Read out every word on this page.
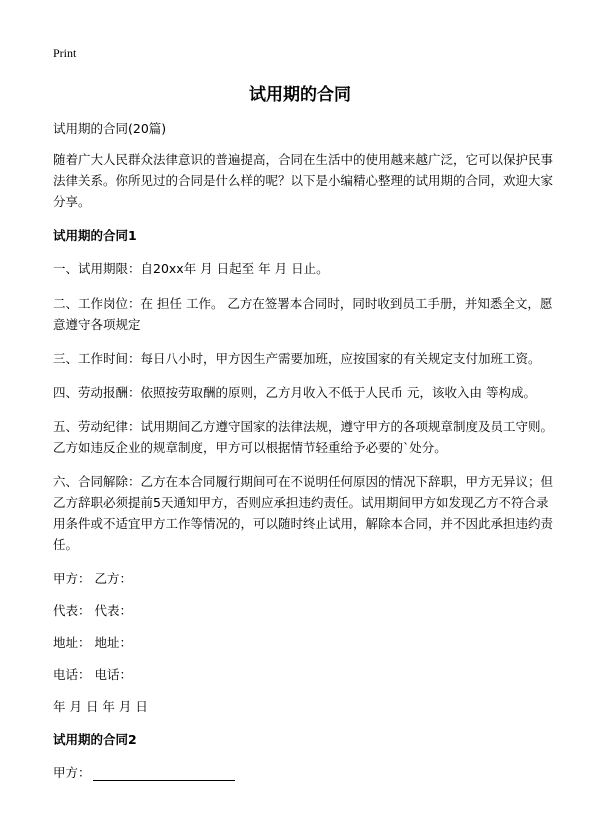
Print
试用期的合同

试用期的合同(20篇)

随着广大人民群众法律意识的普遍提高，合同在生活中的使用越来越广泛，它可以保护民事法律关系。你所见过的合同是什么样的呢？以下是小编精心整理的试用期的合同，欢迎大家分享。

试用期的合同1

一、试用期限：自20xx年 月 日起至 年 月 日止。

二、工作岗位：在 担任 工作。 乙方在签署本合同时，同时收到员工手册，并知悉全文，愿意遵守各项规定

三、工作时间：每日八小时，甲方因生产需要加班，应按国家的有关规定支付加班工资。

四、劳动报酬：依照按劳取酬的原则，乙方月收入不低于人民币 元，该收入由 等构成。

五、劳动纪律：试用期间乙方遵守国家的法律法规，遵守甲方的各项规章制度及员工守则。乙方如违反企业的规章制度，甲方可以根据情节轻重给予必要的`处分。

六、合同解除：乙方在本合同履行期间可在不说明任何原因的情况下辞职，甲方无异议；但乙方辞职必须提前5天通知甲方，否则应承担违约责任。试用期间甲方如发现乙方不符合录用条件或不适宜甲方工作等情况的，可以随时终止试用，解除本合同，并不因此承担违约责任。

甲方： 乙方：

代表： 代表：

地址： 地址：

电话： 电话：

年 月 日 年 月 日

试用期的合同2

甲方：
